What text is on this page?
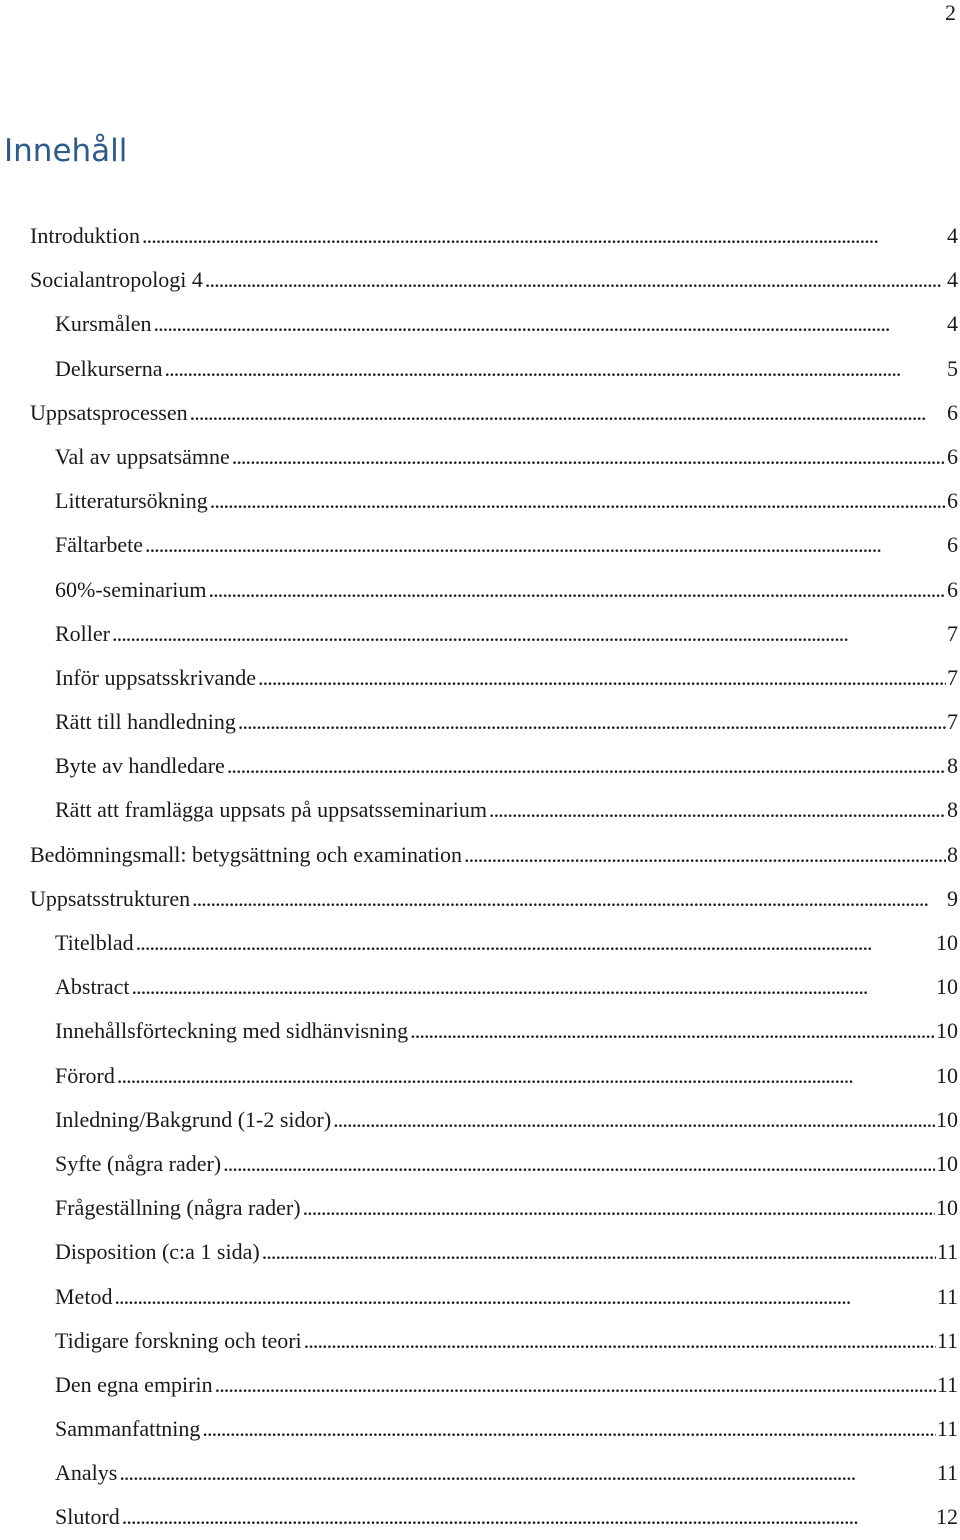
2
Innehåll
Introduktion . . .	4
Socialantropologi 4 . . .	4
Kursmålen . . .	4
Delkurserna . . .	5
Uppsatsprocessen . . .	6
Val av uppsatsämne . . .	6
Litteratursökning . . .	6
Fältarbete . . .	6
60%-seminarium . . .	6
Roller . . .	7
Inför uppsatsskrivande . . .	7
Rätt till handledning . . .	7
Byte av handledare . . .	8
Rätt att framlägga uppsats på uppsatsseminarium . . .	8
Bedömningsmall: betygsättning och examination . . .	8
Uppsatsstrukturen . . .	9
Titelblad . . .	10
Abstract . . .	10
Innehållsförteckning med sidhänvisning . . .	10
Förord . . .	10
Inledning/Bakgrund (1-2 sidor) . . .	10
Syfte (några rader) . . .	10
Frågeställning (några rader) . . .	10
Disposition (c:a 1 sida) . . .	11
Metod . . .	11
Tidigare forskning och teori . . .	11
Den egna empirin . . .	11
Sammanfattning . . .	11
Analys . . .	11
Slutord . . .	12
